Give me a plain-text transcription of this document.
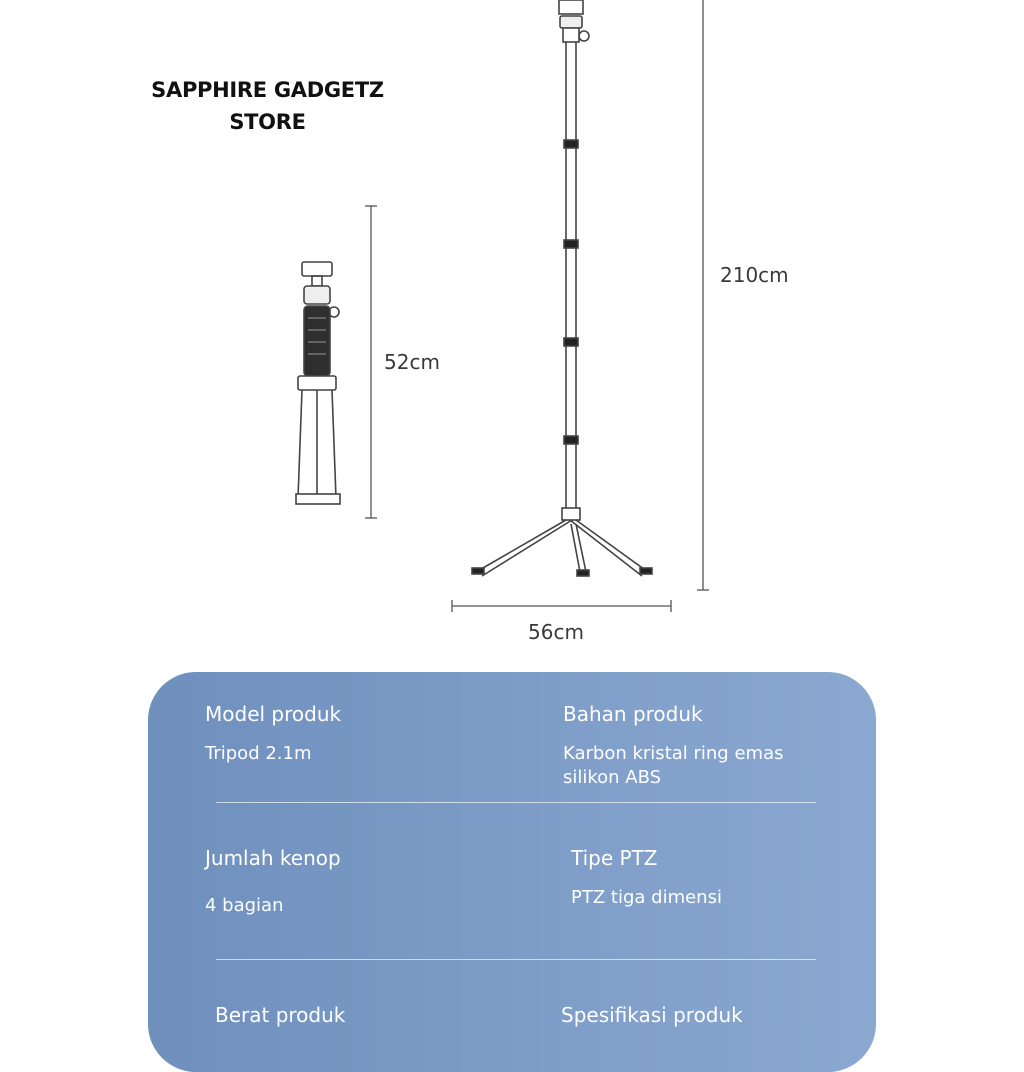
SAPPHIRE GADGETZ
STORE
52cm
210cm
56cm
Model produk
Tripod 2.1m
Bahan produk
Karbon kristal ring emas
silikon ABS
Jumlah kenop
4 bagian
Tipe PTZ
PTZ tiga dimensi
Berat produk	Spesifikasi produk
